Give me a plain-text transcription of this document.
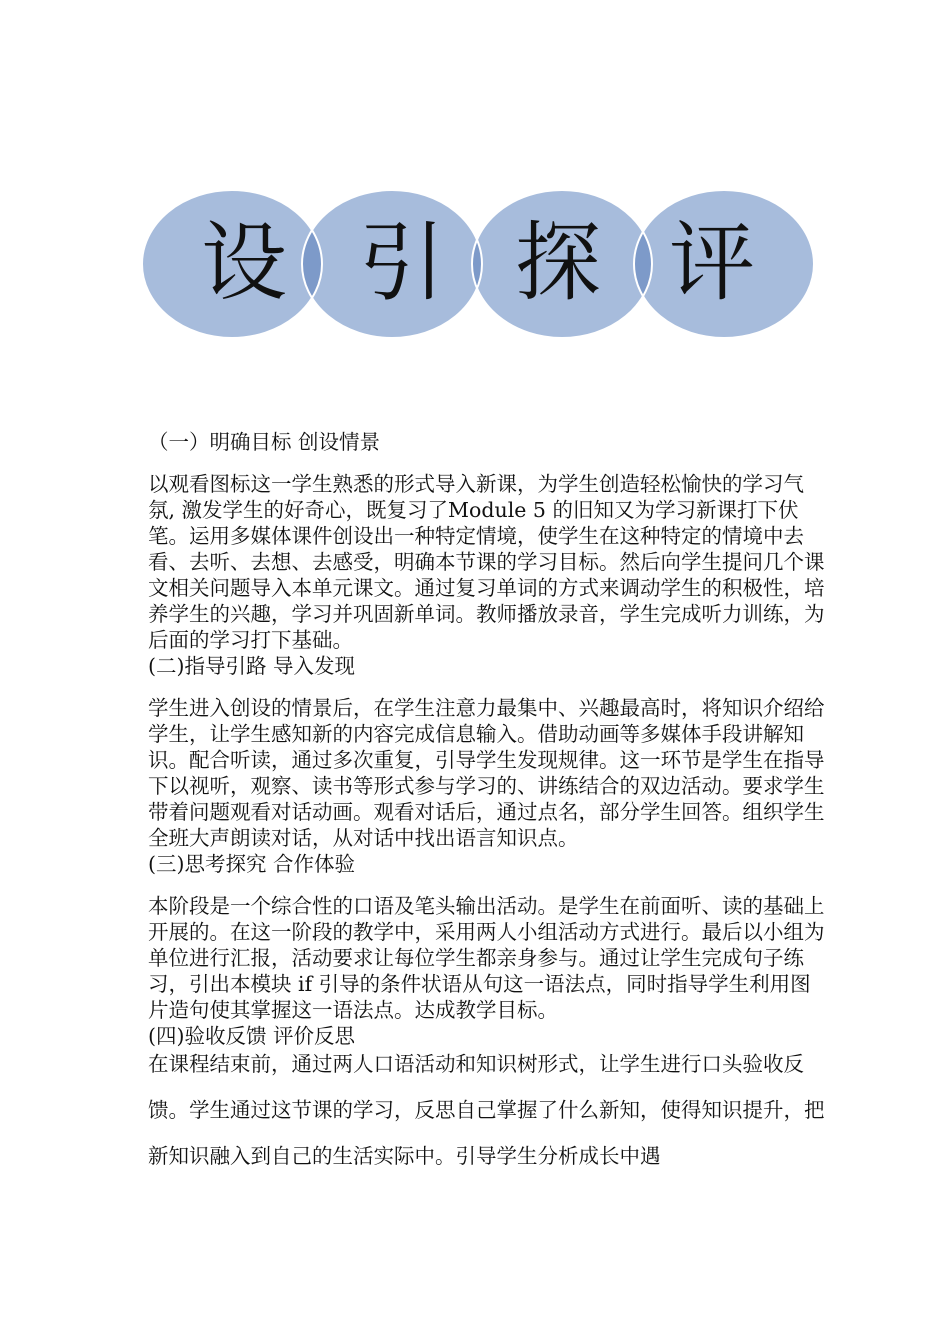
设 引 探 评

（一）明确目标 创设情景

以观看图标这一学生熟悉的形式导入新课，为学生创造轻松愉快的学习气氛, 激发学生的好奇心，既复习了Module 5 的旧知又为学习新课打下伏笔。运用多媒体课件创设出一种特定情境，使学生在这种特定的情境中去看、去听、去想、去感受，明确本节课的学习目标。然后向学生提问几个课文相关问题导入本单元课文。通过复习单词的方式来调动学生的积极性，培养学生的兴趣，学习并巩固新单词。教师播放录音，学生完成听力训练，为后面的学习打下基础。

(二)指导引路 导入发现

学生进入创设的情景后，在学生注意力最集中、兴趣最高时，将知识介绍给学生，让学生感知新的内容完成信息输入。借助动画等多媒体手段讲解知识。配合听读，通过多次重复，引导学生发现规律。这一环节是学生在指导下以视听，观察、读书等形式参与学习的、讲练结合的双边活动。要求学生带着问题观看对话动画。观看对话后，通过点名，部分学生回答。组织学生全班大声朗读对话，从对话中找出语言知识点。

(三)思考探究 合作体验

本阶段是一个综合性的口语及笔头输出活动。是学生在前面听、读的基础上开展的。在这一阶段的教学中，采用两人小组活动方式进行。最后以小组为单位进行汇报，活动要求让每位学生都亲身参与。通过让学生完成句子练习，引出本模块 if 引导的条件状语从句这一语法点，同时指导学生利用图片造句使其掌握这一语法点。达成教学目标。

(四)验收反馈 评价反思

在课程结束前，通过两人口语活动和知识树形式，让学生进行口头验收反馈。学生通过这节课的学习，反思自己掌握了什么新知，使得知识提升，把新知识融入到自己的生活实际中。引导学生分析成长中遇
